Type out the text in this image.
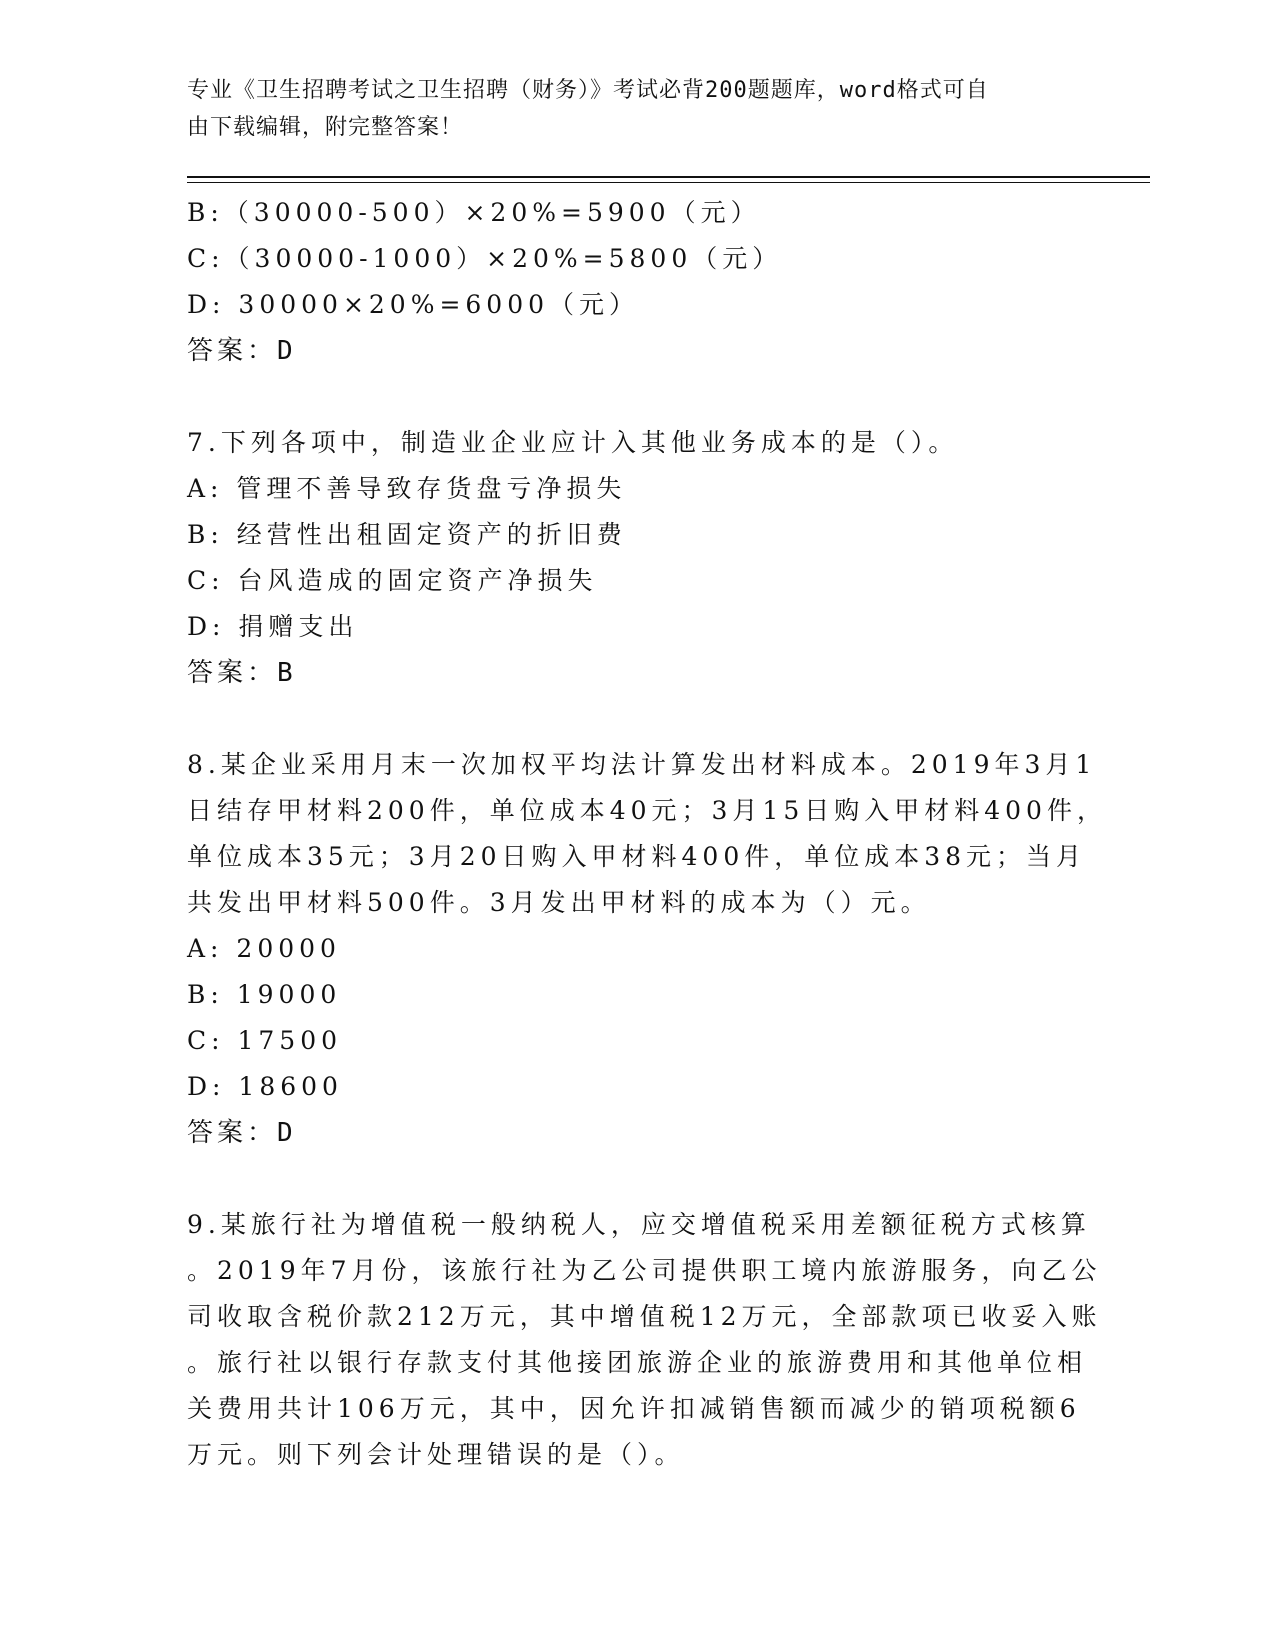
专业《卫生招聘考试之卫生招聘（财务）》考试必背200题题库，word格式可自
由下载编辑，附完整答案！
B:（30000-500）×20%=5900（元）
C:（30000-1000）×20%=5800（元）
D: 30000×20%=6000（元）
答案：D
7.下列各项中，制造业企业应计入其他业务成本的是（）。
A: 管理不善导致存货盘亏净损失
B: 经营性出租固定资产的折旧费
C: 台风造成的固定资产净损失
D: 捐赠支出
答案：B
8.某企业采用月末一次加权平均法计算发出材料成本。2019年3月1
日结存甲材料200件，单位成本40元；3月15日购入甲材料400件，
单位成本35元；3月20日购入甲材料400件，单位成本38元；当月
共发出甲材料500件。3月发出甲材料的成本为（）元。
A: 20000
B: 19000
C: 17500
D: 18600
答案：D
9.某旅行社为增值税一般纳税人，应交增值税采用差额征税方式核算
。2019年7月份，该旅行社为乙公司提供职工境内旅游服务，向乙公
司收取含税价款212万元，其中增值税12万元，全部款项已收妥入账
。旅行社以银行存款支付其他接团旅游企业的旅游费用和其他单位相
关费用共计106万元，其中，因允许扣减销售额而减少的销项税额6
万元。则下列会计处理错误的是（）。
